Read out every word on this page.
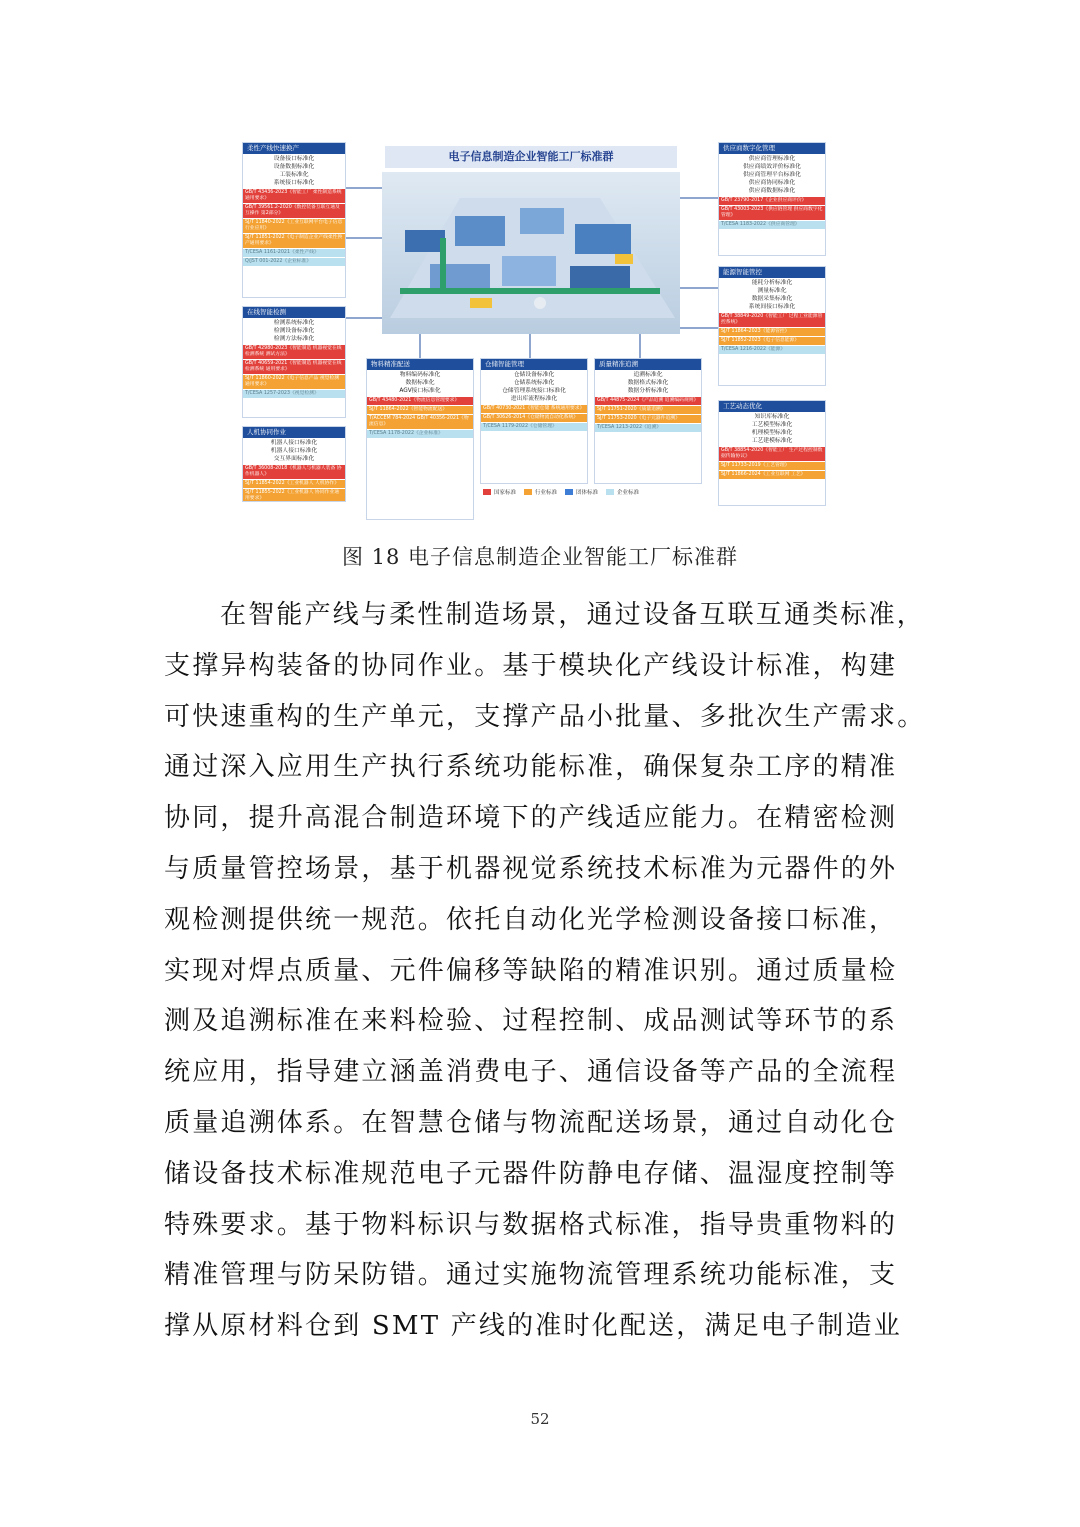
电子信息制造企业智能工厂标准群
柔性产线快速换产
设备接口标准化
设备数据标准化
工装标准化
系统接口标准化
GB/T 43436-2023《智能工厂 柔性制造系统 通用要求》
GB/T 39561.2-2020《数控装备互联互通及互操作 第2部分》
SJ/T 11840-2022《工业互联网平台电子信息行业应用》
SJ/T 11851-2022《电子制造企业产线柔性换产通用要求》
T/CESA 1161-2021《柔性产线》
Q/JST 001-2022《企业标准》
在线智能检测
检测系统标准化
检测设备标准化
检测方法标准化
GB/T 42980-2023《智能制造 机器视觉在线检测系统 测试方法》
GB/T 40659-2021《智能制造 机器视觉在线检测系统 通用要求》
SJ/T 11860-2022《电子信息产品 视觉检测通用要求》
T/CESA 1257-2023《视觉检测》
人机协同作业
机器人接口标准化
机器人接口标准化
交互界面标准化
GB/T 36008-2018《机器人与机器人装备 协作机器人》
SJ/T 11854-2022《工业机器人 人机协作》
SJ/T 11855-2022《工业机器人 协同作业通用要求》
物料精准配送
物料编码标准化
数据标准化
AGV接口标准化
GB/T 43480-2021《物流信息管理要求》
SJ/T 11864-2022《智能物流配送》
T/ACCEM 784-2024 GB/T 40356-2021《物流信息》
T/CESA 1178-2022《企业标准》
仓储智能管理
仓储设备标准化
仓储系统标准化
仓储管理系统接口标准化
进出库流程标准化
GB/T 40730-2021《智能仓储 系统通用要求》
GB/T 30626-2014《仓储物流自动化系统》
T/CESA 1179-2022《仓储管理》
质量精准追溯
追溯标准化
数据格式标准化
数据分析标准化
GB/T 44875-2024《产品追溯 追溯编码规则》
SJ/T 11751-2020《质量追溯》
SJ/T 11753-2020《电子元器件追溯》
T/CESA 1213-2022《追溯》
供应商数字化管理
供应商管理标准化
供应商绩效评价标准化
供应商管理平台标准化
供应商协同标准化
供应商数据标准化
GB/T 23790-2017《企业供应商评价》
GB/T 43003-2023《供应链管理 供应商数字化管理》
T/CESA 1183-2022《供应商管理》
能源智能管控
能耗分析标准化
测量标准化
数据采集标准化
系统间接口标准化
GB/T 38849-2020《智能工厂 过程工业能源管控系统》
SJ/T 11864-2023《能源管控》
SJ/T 11852-2023《电子信息能源》
T/CESA 1216-2022《能源》
工艺动态优化
知识库标准化
工艺模型标准化
机理模型标准化
工艺建模标准化
GB/T 38854-2020《智能工厂 生产过程控制数据传输协议》
SJ/T 11733-2019《工艺管理》
SJ/T 11866-2024《工业互联网 工艺》
国家标准	行业标准	团体标准	企业标准
图 18 电子信息制造企业智能工厂标准群
在智能产线与柔性制造场景，通过设备互联互通类标准，
支撑异构装备的协同作业。基于模块化产线设计标准，构建
可快速重构的生产单元，支撑产品小批量、多批次生产需求。
通过深入应用生产执行系统功能标准，确保复杂工序的精准
协同，提升高混合制造环境下的产线适应能力。在精密检测
与质量管控场景，基于机器视觉系统技术标准为元器件的外
观检测提供统一规范。依托自动化光学检测设备接口标准，
实现对焊点质量、元件偏移等缺陷的精准识别。通过质量检
测及追溯标准在来料检验、过程控制、成品测试等环节的系
统应用，指导建立涵盖消费电子、通信设备等产品的全流程
质量追溯体系。在智慧仓储与物流配送场景，通过自动化仓
储设备技术标准规范电子元器件防静电存储、温湿度控制等
特殊要求。基于物料标识与数据格式标准，指导贵重物料的
精准管理与防呆防错。通过实施物流管理系统功能标准，支
撑从原材料仓到 SMT 产线的准时化配送，满足电子制造业
52
